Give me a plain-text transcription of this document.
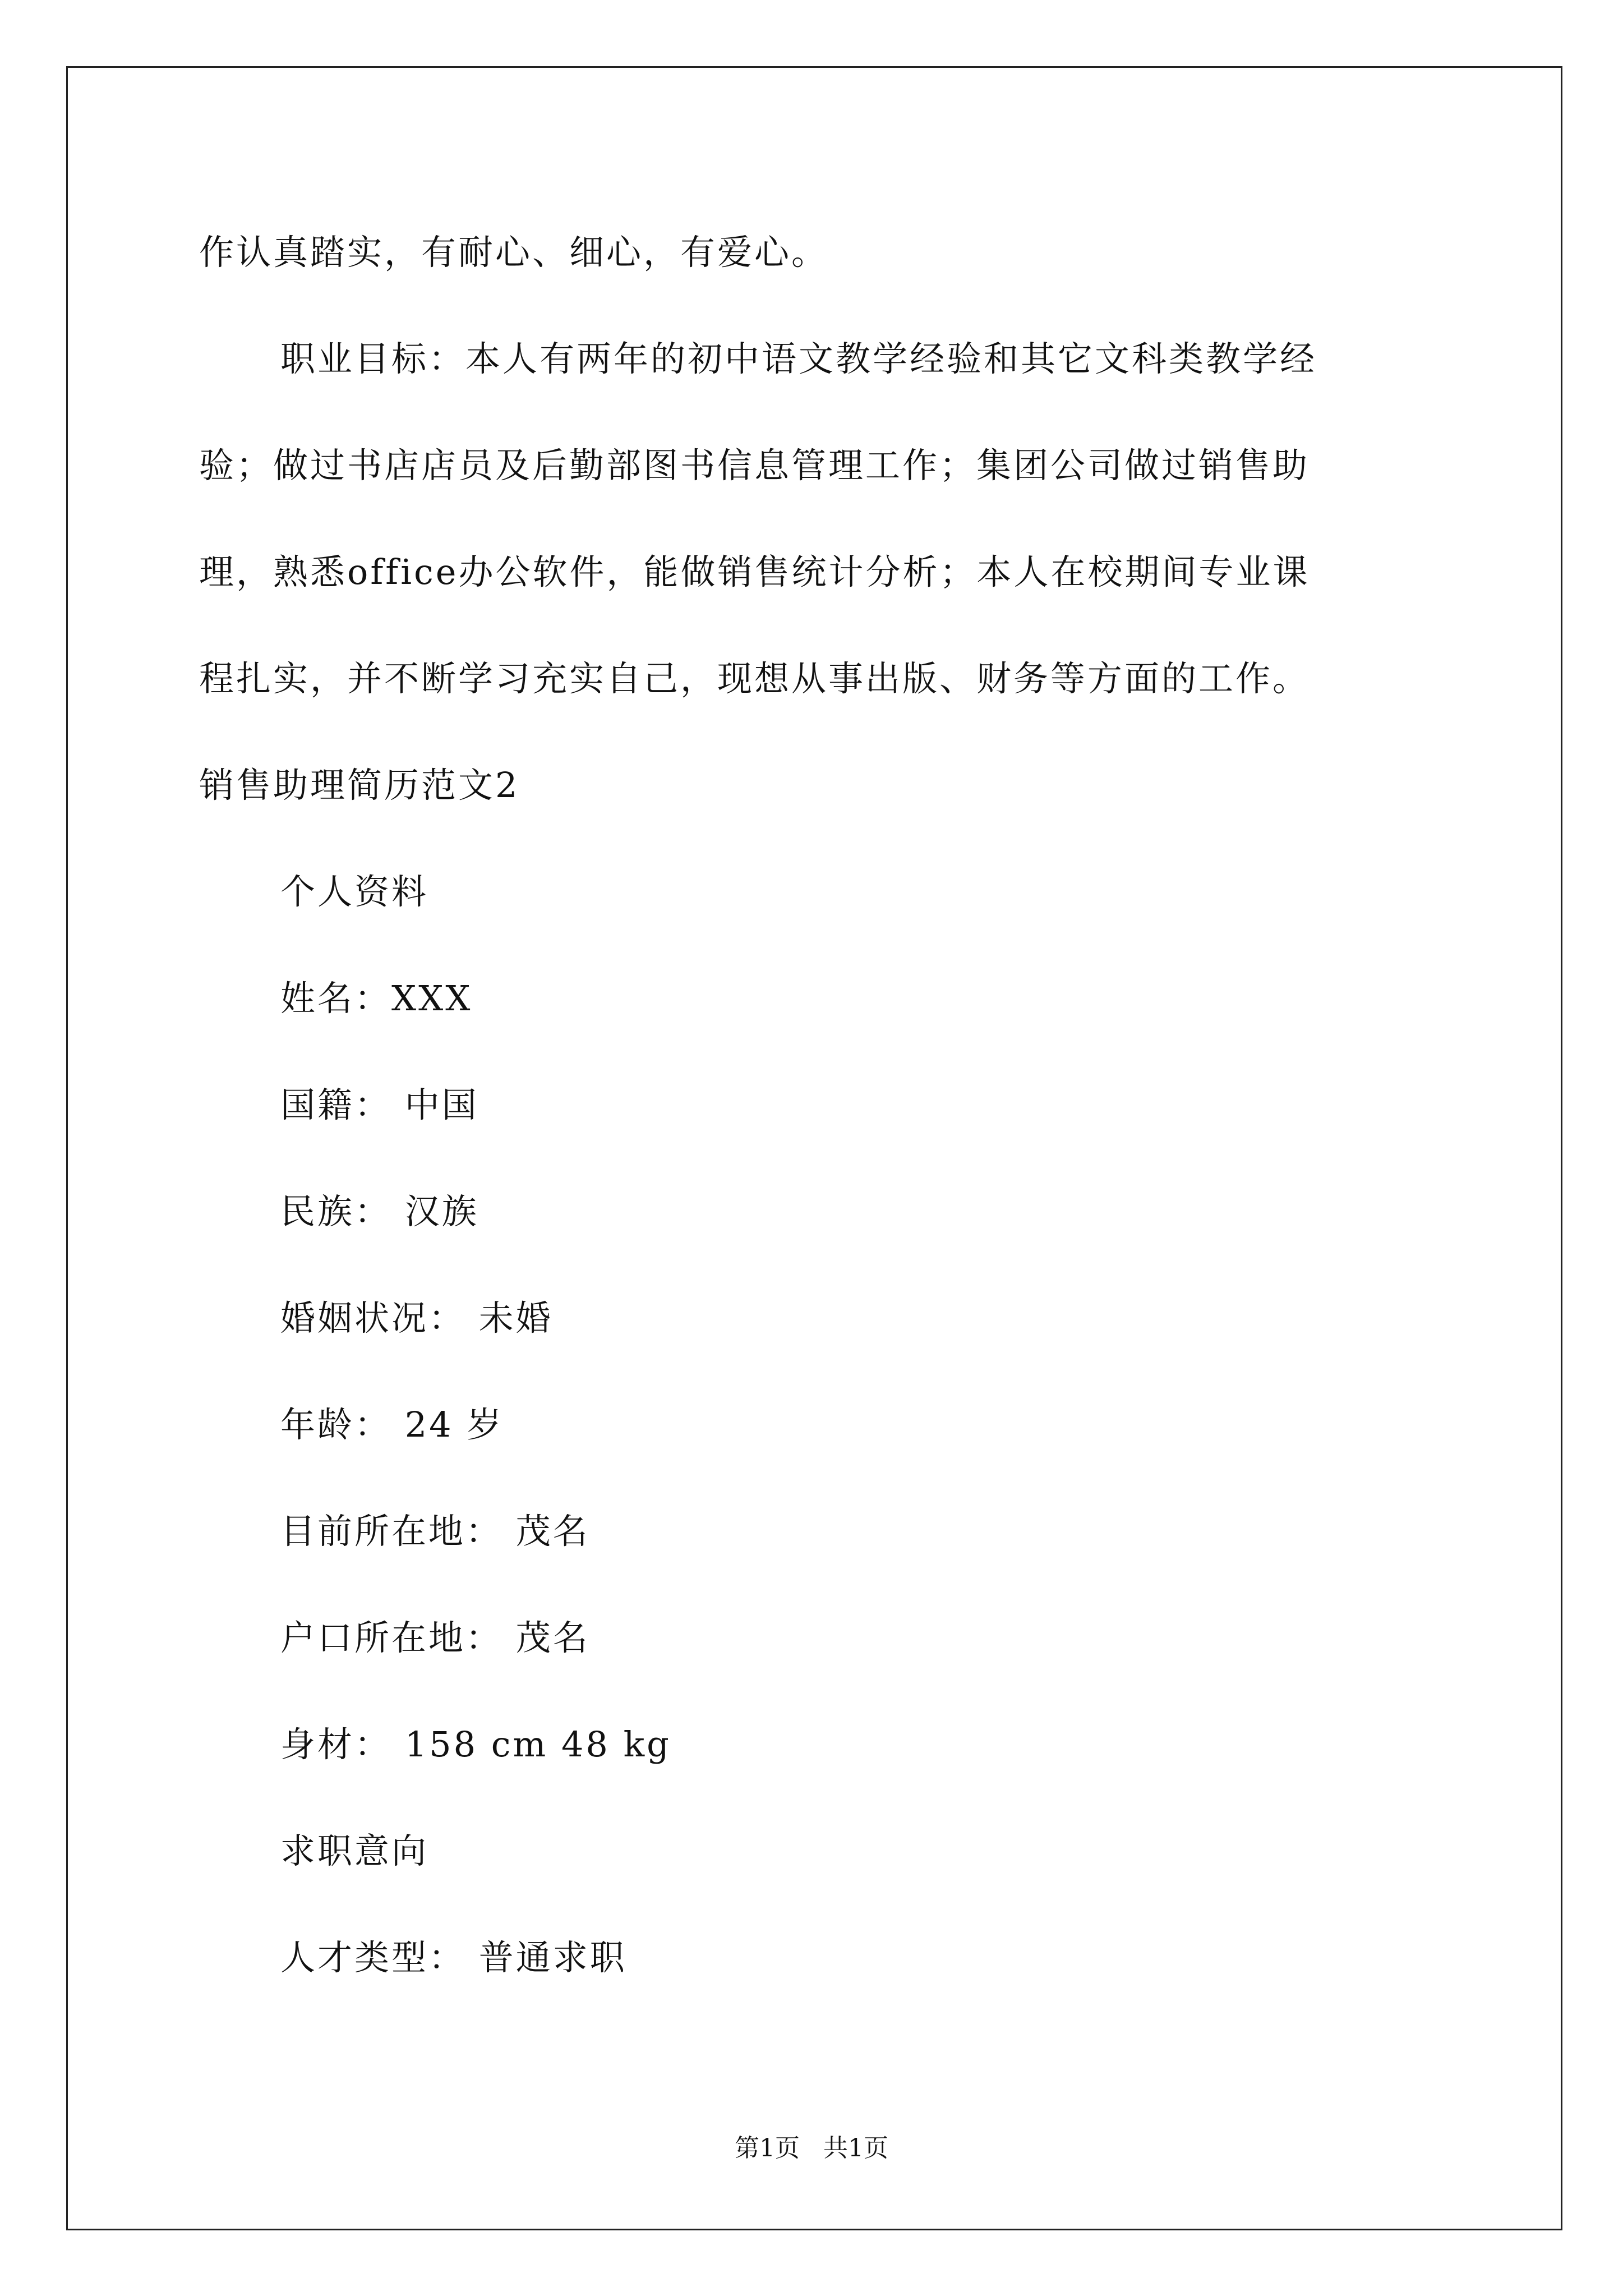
作认真踏实，有耐心、细心，有爱心。
职业目标：本人有两年的初中语文教学经验和其它文科类教学经
验；做过书店店员及后勤部图书信息管理工作；集团公司做过销售助
理，熟悉office办公软件，能做销售统计分析；本人在校期间专业课
程扎实，并不断学习充实自己，现想从事出版、财务等方面的工作。
销售助理简历范文2
个人资料
姓名：XXX
国籍： 中国
民族： 汉族
婚姻状况： 未婚
年龄： 24 岁
目前所在地： 茂名
户口所在地： 茂名
身材： 158 cm 48 kg
求职意向
人才类型： 普通求职
第1页   共1页
